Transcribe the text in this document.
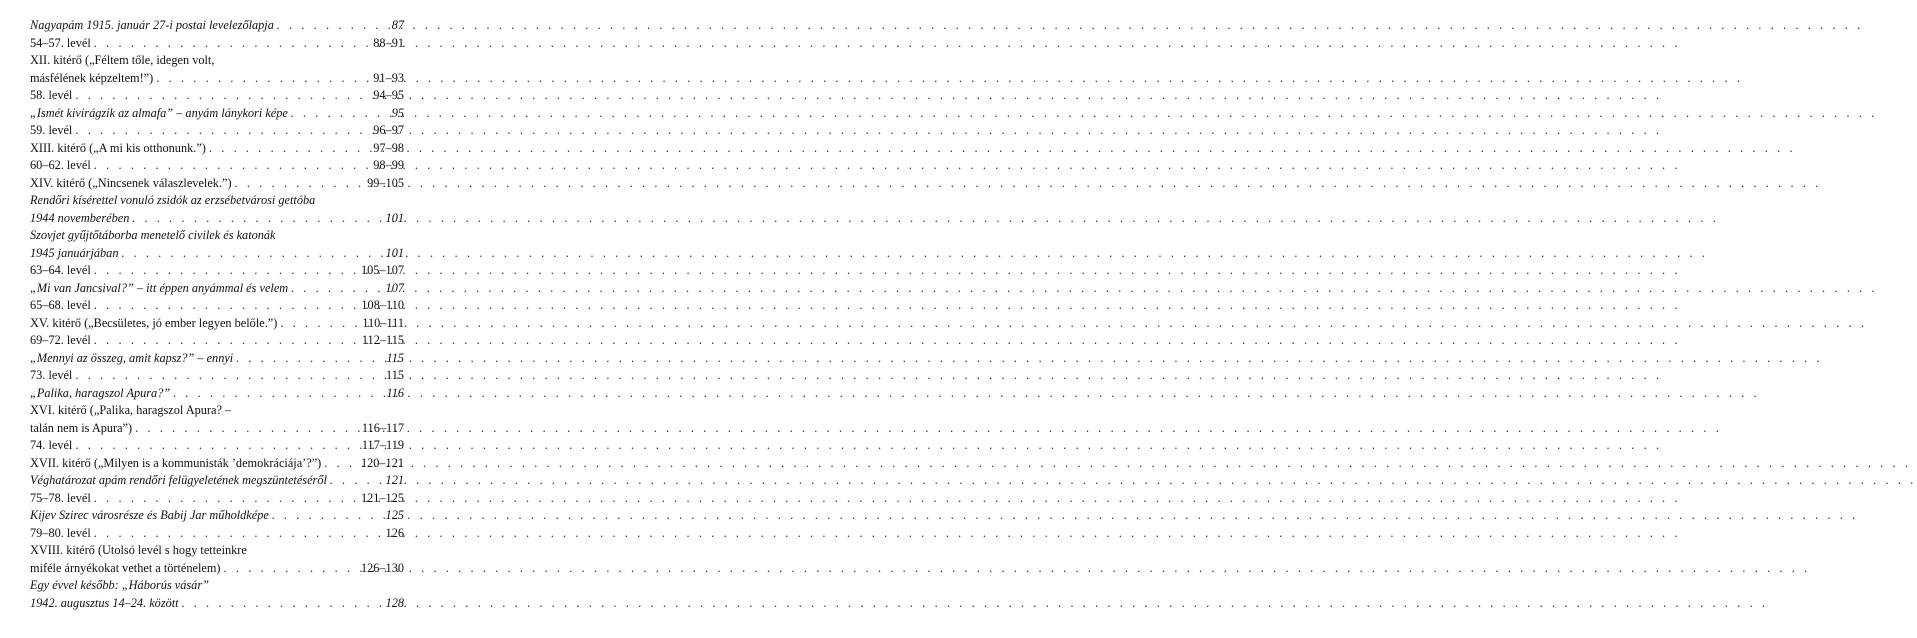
Nagyapám 1915. január 27-i postai levelezőlapja . . .	87
54–57. levél . . .	88–91
XII. kitérő („Féltem tőle, idegen volt,
másfélének képzeltem!”) . . .	91–93
58. levél . . .	94–95
„Ismét kivirágzik az almafa” – anyám lánykori képe . . .	95
59. levél . . .	96–97
XIII. kitérő („A mi kis otthonunk.”) . . .	97–98
60–62. levél . . .	98–99
XIV. kitérő („Nincsenek válaszlevelek.”) . . .	99–105
Rendőri kísérettel vonuló zsidók az erzsébetvárosi gettóba
1944 novemberében . . .	101
Szovjet gyűjtőtáborba menetelő civilek és katonák
1945 januárjában . . .	101
63–64. levél . . .	105–107
„Mi van Jancsival?” – itt éppen anyámmal és velem . . .	107
65–68. levél . . .	108–110
XV. kitérő („Becsületes, jó ember legyen belőle.”) . . .	110–111
69–72. levél . . .	112–115
„Mennyi az összeg, amit kapsz?” – ennyi . . .	115
73. levél . . .	115
„Palika, haragszol Apura?” . . .	116
XVI. kitérő („Palika, haragszol Apura? –
talán nem is Apura”) . . .	116–117
74. levél . . .	117–119
XVII. kitérő („Milyen is a kommunisták ’demokráciája’?”) . . .	120–121
Véghatározat apám rendőri felügyeletének megszüntetéséről . . .	121
75–78. levél . . .	121–125
Kijev Szirec városrésze és Babij Jar műholdképe . . .	125
79–80. levél . . .	126
XVIII. kitérő (Utolsó levél s hogy tetteinkre
miféle árnyékokat vethet a történelem) . . .	126–130
Egy évvel később: „Háborús vásár”
1942. augusztus 14–24. között . . .	128
